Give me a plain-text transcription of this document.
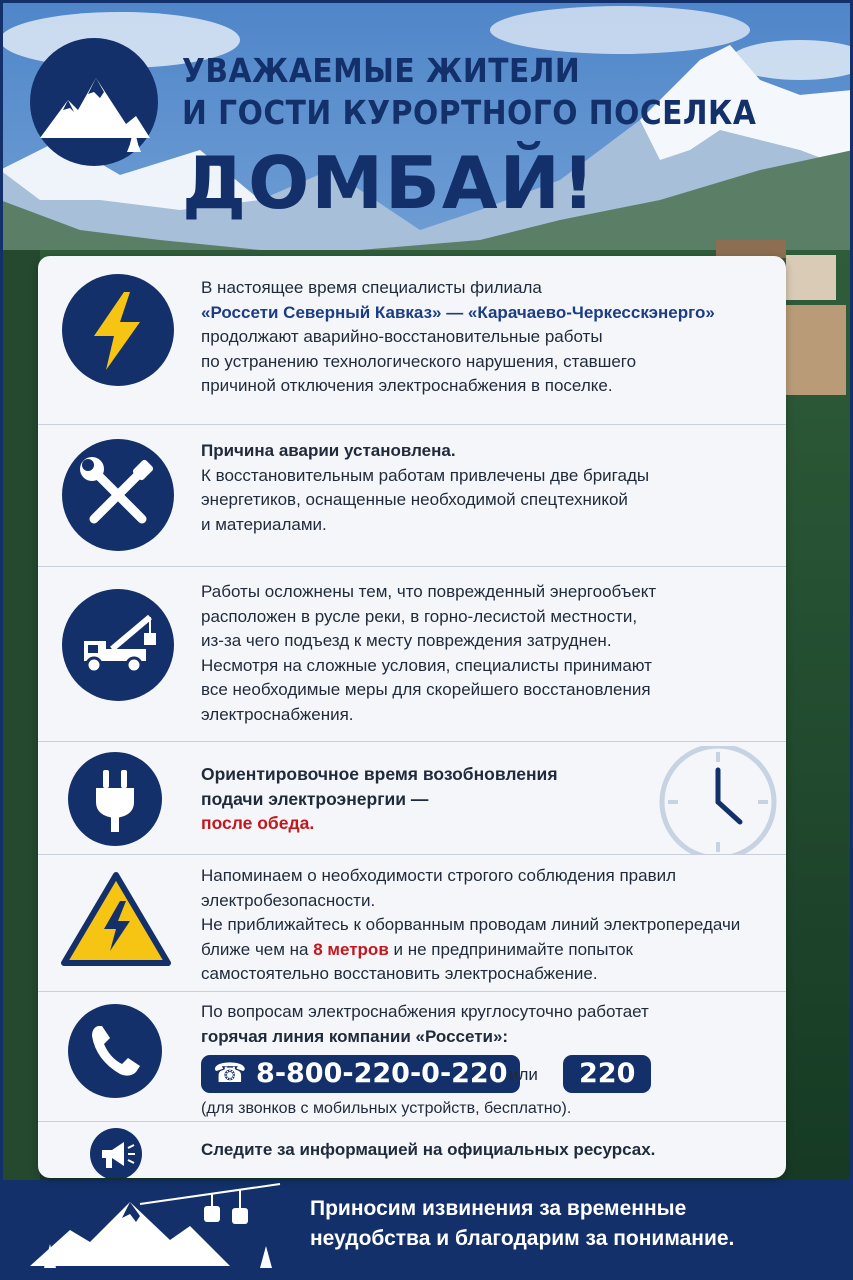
УВАЖАЕМЫЕ ЖИТЕЛИ
И ГОСТИ КУРОРТНОГО ПОСЕЛКА
ДОМБАЙ!
В настоящее время специалисты филиала
«Россети Северный Кавказ» — «Карачаево-Черкесскэнерго»
продолжают аварийно-восстановительные работы
по устранению технологического нарушения, ставшего
причиной отключения электроснабжения в поселке.
Причина аварии установлена.
К восстановительным работам привлечены две бригады
энергетиков, оснащенные необходимой спецтехникой
и материалами.
Работы осложнены тем, что поврежденный энергообъект
расположен в русле реки, в горно-лесистой местности,
из-за чего подъезд к месту повреждения затруднен.
Несмотря на сложные условия, специалисты принимают
все необходимые меры для скорейшего восстановления
электроснабжения.
Ориентировочное время возобновления
подачи электроэнергии —
после обеда.
Напоминаем о необходимости строгого соблюдения правил
электробезопасности.
Не приближайтесь к оборванным проводам линий электропередачи
ближе чем на 8 метров и не предпринимайте попыток
самостоятельно восстановить электроснабжение.
По вопросам электроснабжения круглосуточно работает
горячая линия компании «Россети»:
☎ 8-800-220-0-220 или	220
(для звонков с мобильных устройств, бесплатно).
Следите за информацией на официальных ресурсах.
Приносим извинения за временные
неудобства и благодарим за понимание.
